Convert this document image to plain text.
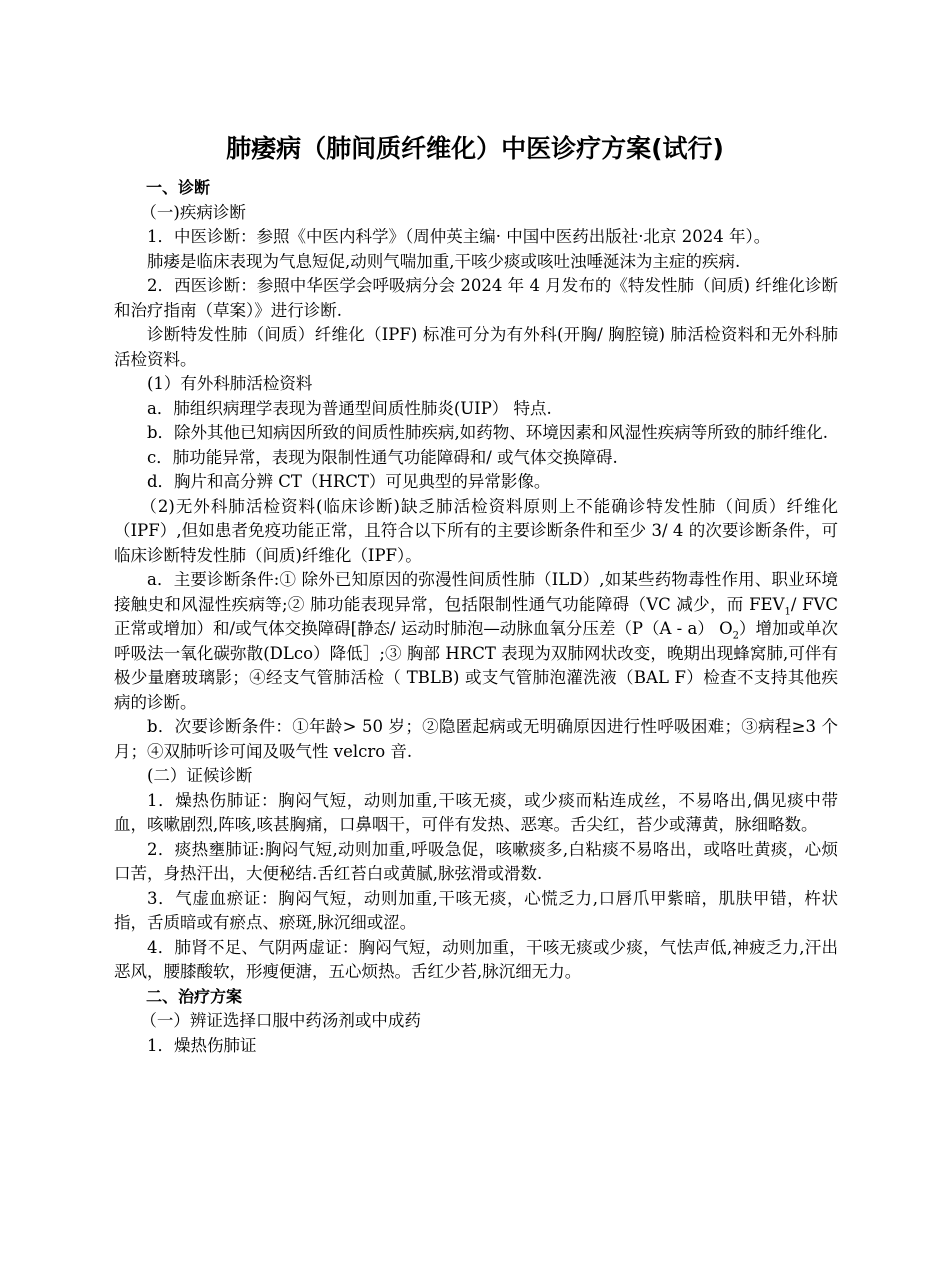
肺痿病（肺间质纤维化）中医诊疗方案(试行)

一、诊断

（一)疾病诊断

1．中医诊断：参照《中医内科学》（周仲英主编· 中国中医药出版社·北京 2024 年）。

肺痿是临床表现为气息短促,动则气喘加重,干咳少痰或咳吐浊唾涎沫为主症的疾病.

2．西医诊断：参照中华医学会呼吸病分会 2024 年 4 月发布的《特发性肺（间质) 纤维化诊断和治疗指南（草案）》进行诊断.

诊断特发性肺（间质）纤维化（IPF) 标准可分为有外科(开胸/ 胸腔镜) 肺活检资料和无外科肺活检资料。

(1）有外科肺活检资料

a．肺组织病理学表现为普通型间质性肺炎(UIP） 特点.

b．除外其他已知病因所致的间质性肺疾病,如药物、环境因素和风湿性疾病等所致的肺纤维化.

c．肺功能异常，表现为限制性通气功能障碍和/ 或气体交换障碍.

d．胸片和高分辨 CT（HRCT）可见典型的异常影像。

（2)无外科肺活检资料(临床诊断)缺乏肺活检资料原则上不能确诊特发性肺（间质）纤维化（IPF）,但如患者免疫功能正常，且符合以下所有的主要诊断条件和至少 3/ 4 的次要诊断条件，可临床诊断特发性肺（间质)纤维化（IPF）。

a．主要诊断条件:① 除外已知原因的弥漫性间质性肺（ILD）,如某些药物毒性作用、职业环境接触史和风湿性疾病等;② 肺功能表现异常，包括限制性通气功能障碍（VC 减少，而 $FEV_1/$ FVC 正常或增加）和/或气体交换障碍[静态/ 运动时肺泡—动脉血氧分压差（P（A - a） $O_2$）增加或单次呼吸法一氧化碳弥散(DLco）降低］;③ 胸部 HRCT 表现为双肺网状改变，晚期出现蜂窝肺,可伴有极少量磨玻璃影；④经支气管肺活检（ TBLB) 或支气管肺泡灌洗液（BAL F）检查不支持其他疾病的诊断。

b．次要诊断条件：①年龄> 50 岁；②隐匿起病或无明确原因进行性呼吸困难；③病程≥3 个月；④双肺听诊可闻及吸气性 velcro 音.

(二）证候诊断

1．燥热伤肺证：胸闷气短，动则加重,干咳无痰，或少痰而粘连成丝，不易咯出,偶见痰中带血，咳嗽剧烈,阵咳,咳甚胸痛，口鼻咽干，可伴有发热、恶寒。舌尖红，苔少或薄黄，脉细略数。

2．痰热壅肺证:胸闷气短,动则加重,呼吸急促，咳嗽痰多,白粘痰不易咯出，或咯吐黄痰，心烦口苦，身热汗出，大便秘结.舌红苔白或黄腻,脉弦滑或滑数.

3．气虚血瘀证：胸闷气短，动则加重,干咳无痰，心慌乏力,口唇爪甲紫暗，肌肤甲错，杵状指，舌质暗或有瘀点、瘀斑,脉沉细或涩。

4．肺肾不足、气阴两虚证：胸闷气短，动则加重，干咳无痰或少痰，气怯声低,神疲乏力,汗出恶风，腰膝酸软，形瘦便溏，五心烦热。舌红少苔,脉沉细无力。

二、治疗方案

（一）辨证选择口服中药汤剂或中成药

1．燥热伤肺证
